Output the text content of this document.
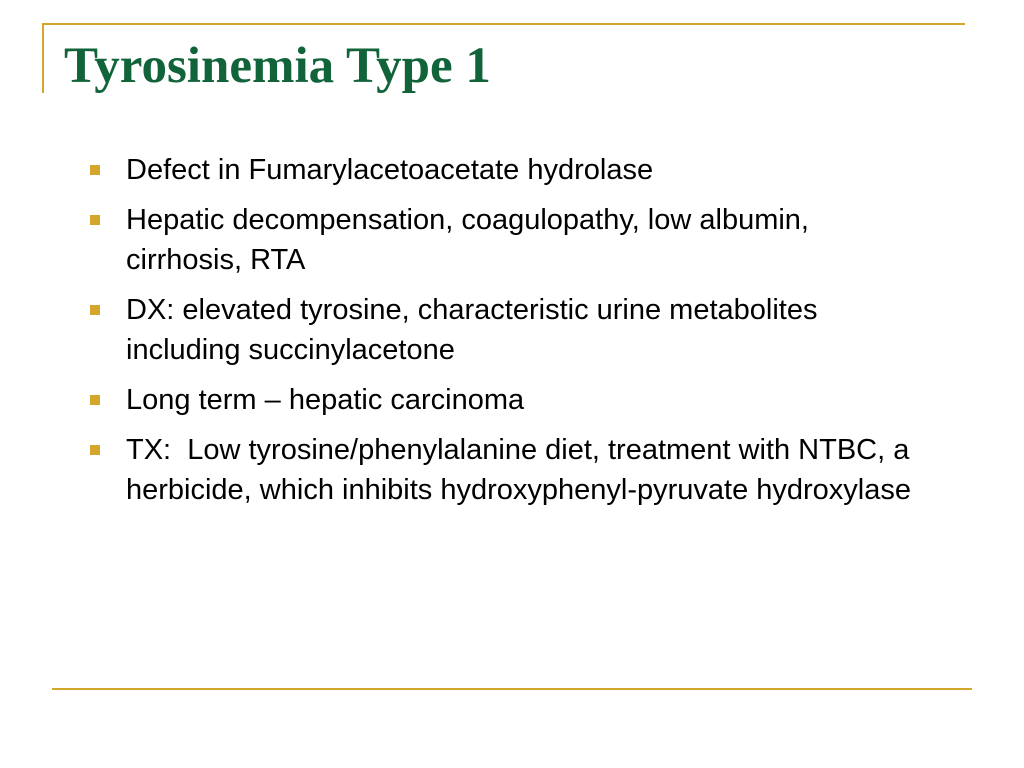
Tyrosinemia Type 1
Defect in Fumarylacetoacetate hydrolase
Hepatic decompensation, coagulopathy, low albumin, cirrhosis, RTA
DX: elevated tyrosine, characteristic urine metabolites including succinylacetone
Long term – hepatic carcinoma
TX:  Low tyrosine/phenylalanine diet, treatment with NTBC, a herbicide, which inhibits hydroxyphenyl-pyruvate hydroxylase
